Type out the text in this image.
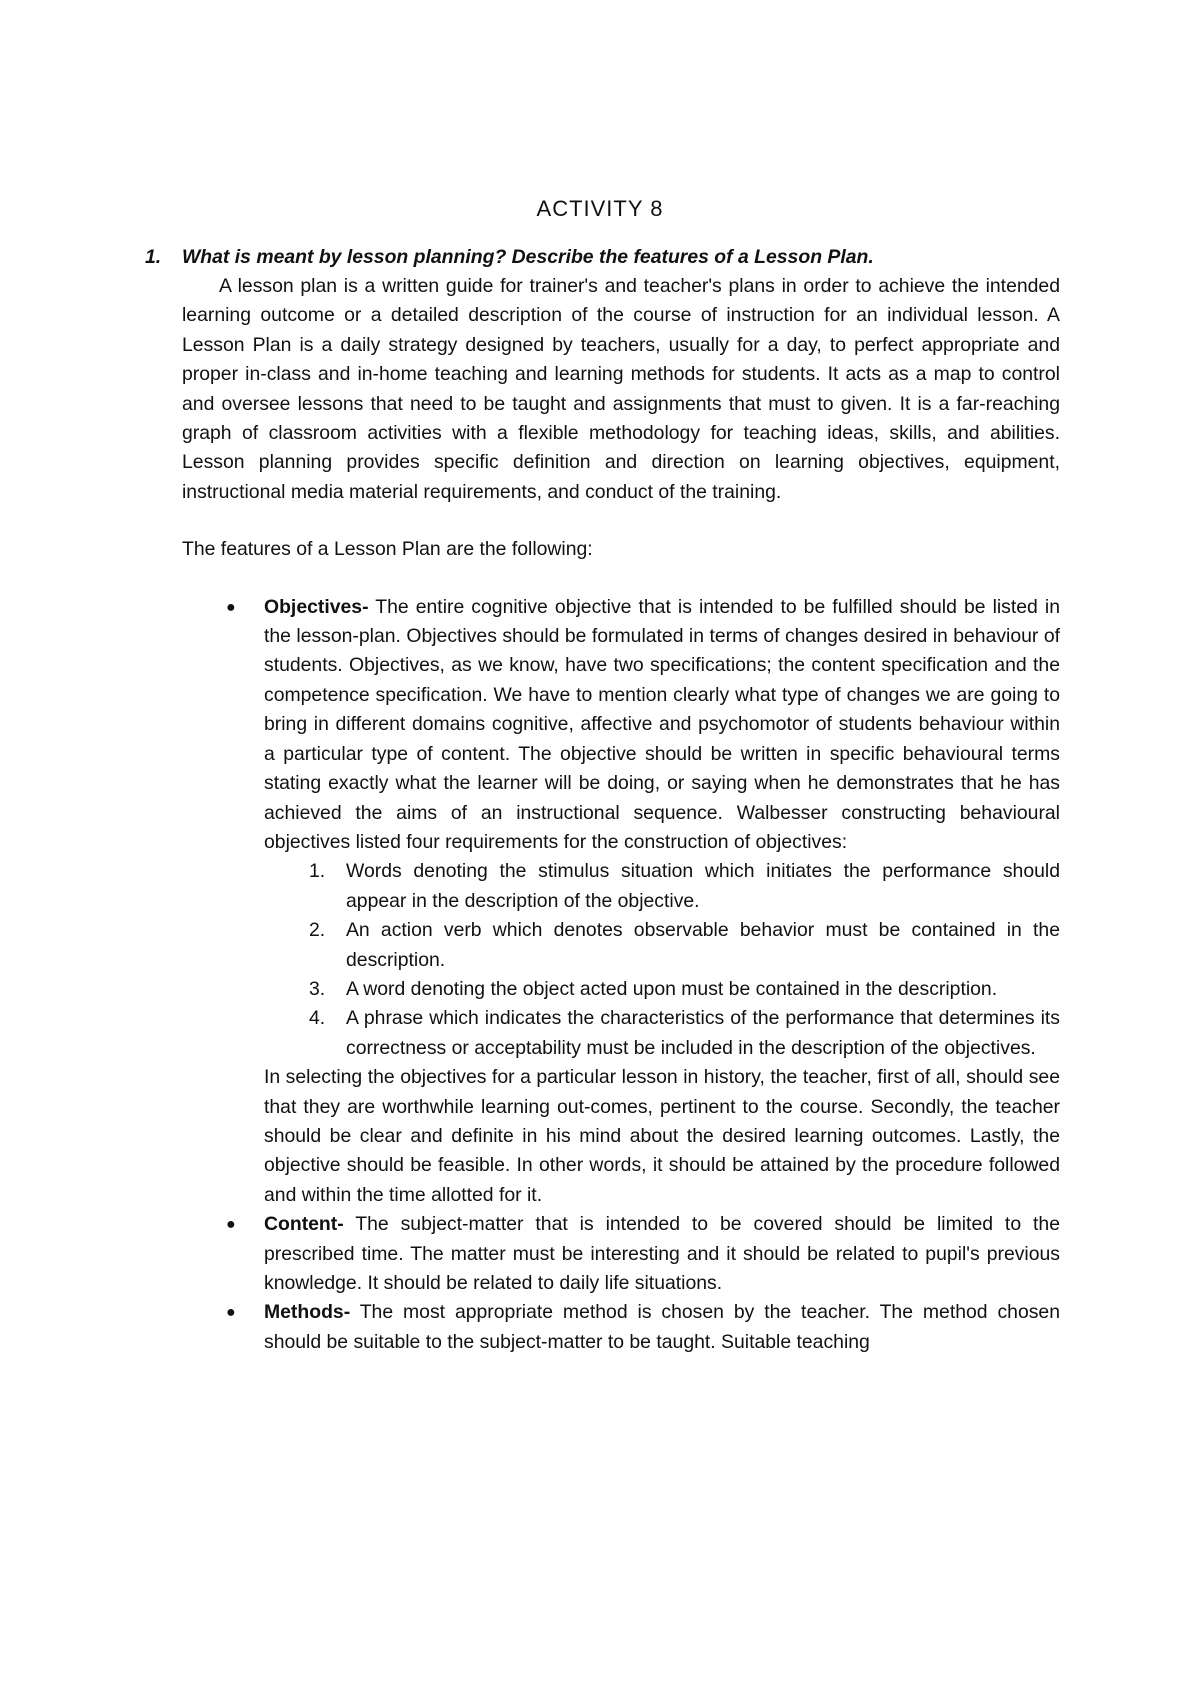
ACTIVITY 8
1. What is meant by lesson planning? Describe the features of a Lesson Plan.
A lesson plan is a written guide for trainer's and teacher's plans in order to achieve the intended learning outcome or a detailed description of the course of instruction for an individual lesson. A Lesson Plan is a daily strategy designed by teachers, usually for a day, to perfect appropriate and proper in-class and in-home teaching and learning methods for students. It acts as a map to control and oversee lessons that need to be taught and assignments that must to given. It is a far-reaching graph of classroom activities with a flexible methodology for teaching ideas, skills, and abilities. Lesson planning provides specific definition and direction on learning objectives, equipment, instructional media material requirements, and conduct of the training.
The features of a Lesson Plan are the following:
● Objectives- The entire cognitive objective that is intended to be fulfilled should be listed in the lesson-plan. Objectives should be formulated in terms of changes desired in behaviour of students. Objectives, as we know, have two specifications; the content specification and the competence specification. We have to mention clearly what type of changes we are going to bring in different domains cognitive, affective and psychomotor of students behaviour within a particular type of content. The objective should be written in specific behavioural terms stating exactly what the learner will be doing, or saying when he demonstrates that he has achieved the aims of an instructional sequence. Walbesser constructing behavioural objectives listed four requirements for the construction of objectives:
1. Words denoting the stimulus situation which initiates the performance should appear in the description of the objective.
2. An action verb which denotes observable behavior must be contained in the description.
3. A word denoting the object acted upon must be contained in the description.
4. A phrase which indicates the characteristics of the performance that determines its correctness or acceptability must be included in the description of the objectives.
In selecting the objectives for a particular lesson in history, the teacher, first of all, should see that they are worthwhile learning out-comes, pertinent to the course. Secondly, the teacher should be clear and definite in his mind about the desired learning outcomes. Lastly, the objective should be feasible. In other words, it should be attained by the procedure followed and within the time allotted for it.
● Content- The subject-matter that is intended to be covered should be limited to the prescribed time. The matter must be interesting and it should be related to pupil's previous knowledge. It should be related to daily life situations.
● Methods- The most appropriate method is chosen by the teacher. The method chosen should be suitable to the subject-matter to be taught. Suitable teaching
